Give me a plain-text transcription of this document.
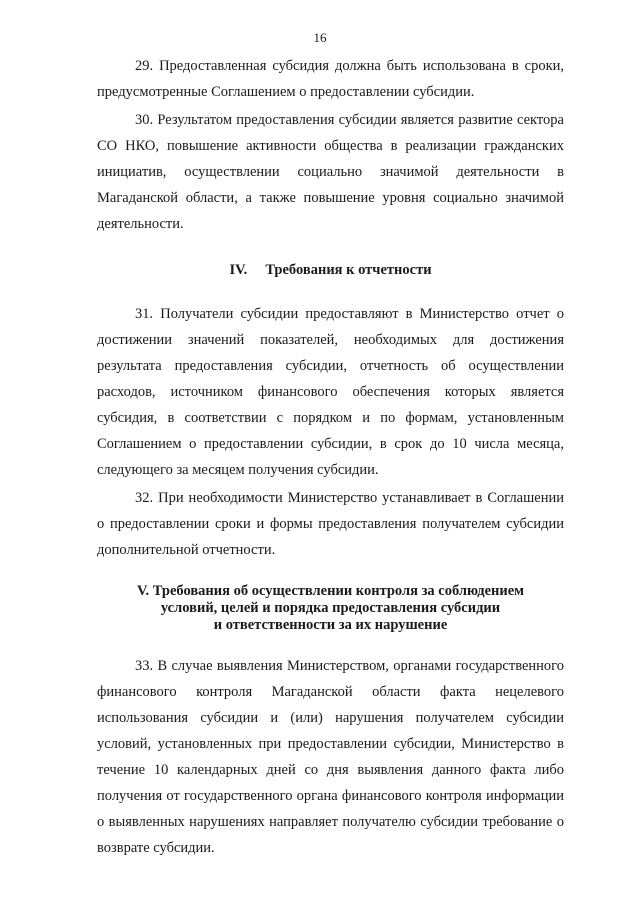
16

29. Предоставленная субсидия должна быть использована в сроки, предусмотренные Соглашением о предоставлении субсидии.

30. Результатом предоставления субсидии является развитие сектора СО НКО, повышение активности общества в реализации гражданских инициатив, осуществлении социально значимой деятельности в Магаданской области, а также повышение уровня социально значимой деятельности.

IV. Требования к отчетности

31. Получатели субсидии предоставляют в Министерство отчет о достижении значений показателей, необходимых для достижения результата предоставления субсидии, отчетность об осуществлении расходов, источником финансового обеспечения которых является субсидия, в соответствии с порядком и по формам, установленным Соглашением о предоставлении субсидии, в срок до 10 числа месяца, следующего за месяцем получения субсидии.

32. При необходимости Министерство устанавливает в Соглашении о предоставлении сроки и формы предоставления получателем субсидии дополнительной отчетности.

V. Требования об осуществлении контроля за соблюдением
условий, целей и порядка предоставления субсидии
и ответственности за их нарушение

33. В случае выявления Министерством, органами государственного финансового контроля Магаданской области факта нецелевого использования субсидии и (или) нарушения получателем субсидии условий, установленных при предоставлении субсидии, Министерство в течение 10 календарных дней со дня выявления данного факта либо получения от государственного органа финансового контроля информации о выявленных нарушениях направляет получателю субсидии требование о возврате субсидии.
